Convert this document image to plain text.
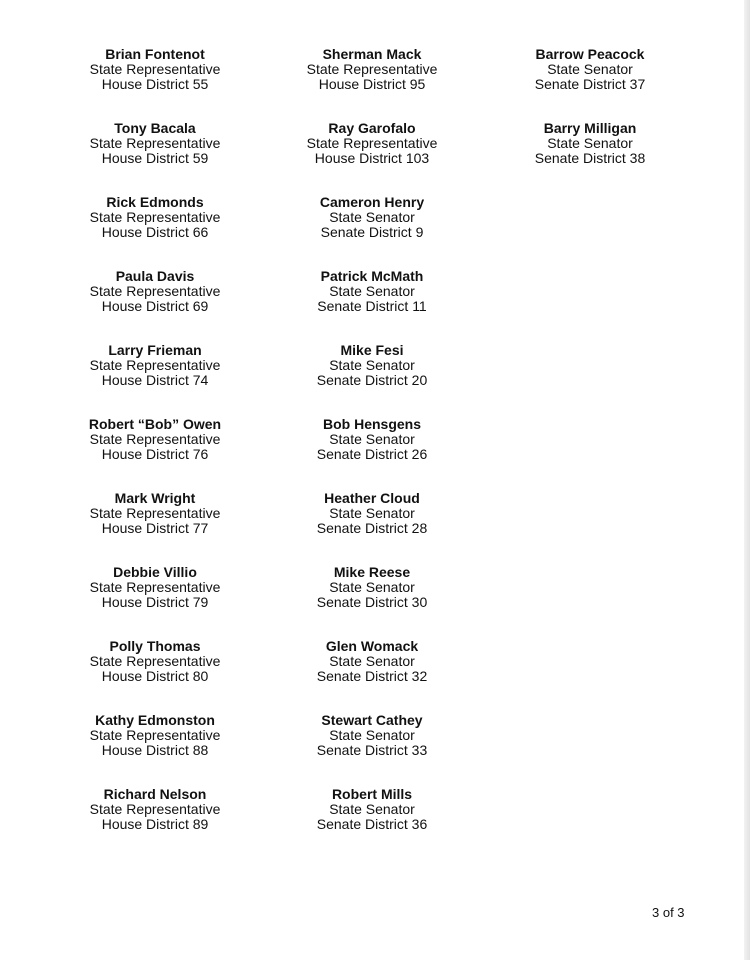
Brian Fontenot
State Representative
House District 55
Tony Bacala
State Representative
House District 59
Rick Edmonds
State Representative
House District 66
Paula Davis
State Representative
House District 69
Larry Frieman
State Representative
House District 74
Robert “Bob” Owen
State Representative
House District 76
Mark Wright
State Representative
House District 77
Debbie Villio
State Representative
House District 79
Polly Thomas
State Representative
House District 80
Kathy Edmonston
State Representative
House District 88
Richard Nelson
State Representative
House District 89
Sherman Mack
State Representative
House District 95
Ray Garofalo
State Representative
House District 103
Cameron Henry
State Senator
Senate District 9
Patrick McMath
State Senator
Senate District 11
Mike Fesi
State Senator
Senate District 20
Bob Hensgens
State Senator
Senate District 26
Heather Cloud
State Senator
Senate District 28
Mike Reese
State Senator
Senate District 30
Glen Womack
State Senator
Senate District 32
Stewart Cathey
State Senator
Senate District 33
Robert Mills
State Senator
Senate District 36
Barrow Peacock
State Senator
Senate District 37
Barry Milligan
State Senator
Senate District 38
3 of 3
